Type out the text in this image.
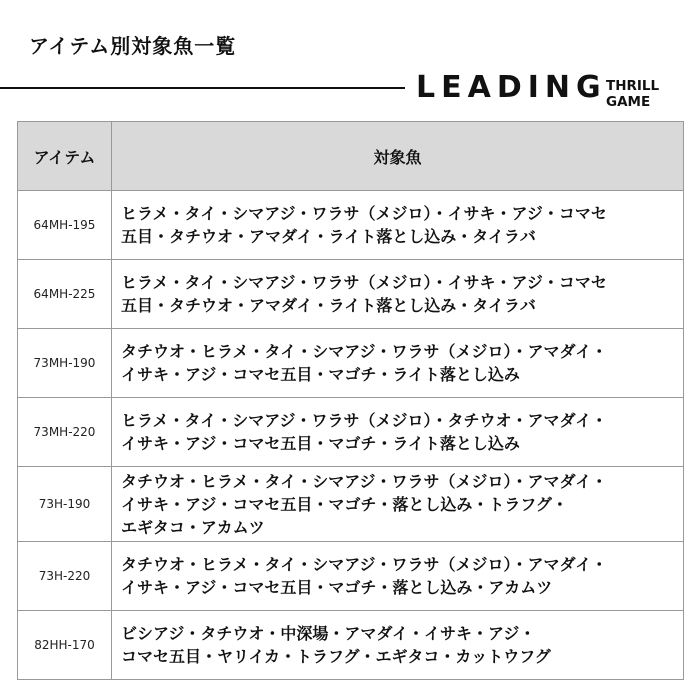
アイテム別対象魚一覧
LEADING THRILL GAME
アイテム	対象魚
64MH-195	ヒラメ・タイ・シマアジ・ワラサ（メジロ）・イサキ・アジ・コマセ
五目・タチウオ・アマダイ・ライト落とし込み・タイラバ
64MH-225	ヒラメ・タイ・シマアジ・ワラサ（メジロ）・イサキ・アジ・コマセ
五目・タチウオ・アマダイ・ライト落とし込み・タイラバ
73MH-190	タチウオ・ヒラメ・タイ・シマアジ・ワラサ（メジロ）・アマダイ・
イサキ・アジ・コマセ五目・マゴチ・ライト落とし込み
73MH-220	ヒラメ・タイ・シマアジ・ワラサ（メジロ）・タチウオ・アマダイ・
イサキ・アジ・コマセ五目・マゴチ・ライト落とし込み
73H-190	タチウオ・ヒラメ・タイ・シマアジ・ワラサ（メジロ）・アマダイ・
イサキ・アジ・コマセ五目・マゴチ・落とし込み・トラフグ・
エギタコ・アカムツ
73H-220	タチウオ・ヒラメ・タイ・シマアジ・ワラサ（メジロ）・アマダイ・
イサキ・アジ・コマセ五目・マゴチ・落とし込み・アカムツ
82HH-170	ビシアジ・タチウオ・中深場・アマダイ・イサキ・アジ・
コマセ五目・ヤリイカ・トラフグ・エギタコ・カットウフグ
